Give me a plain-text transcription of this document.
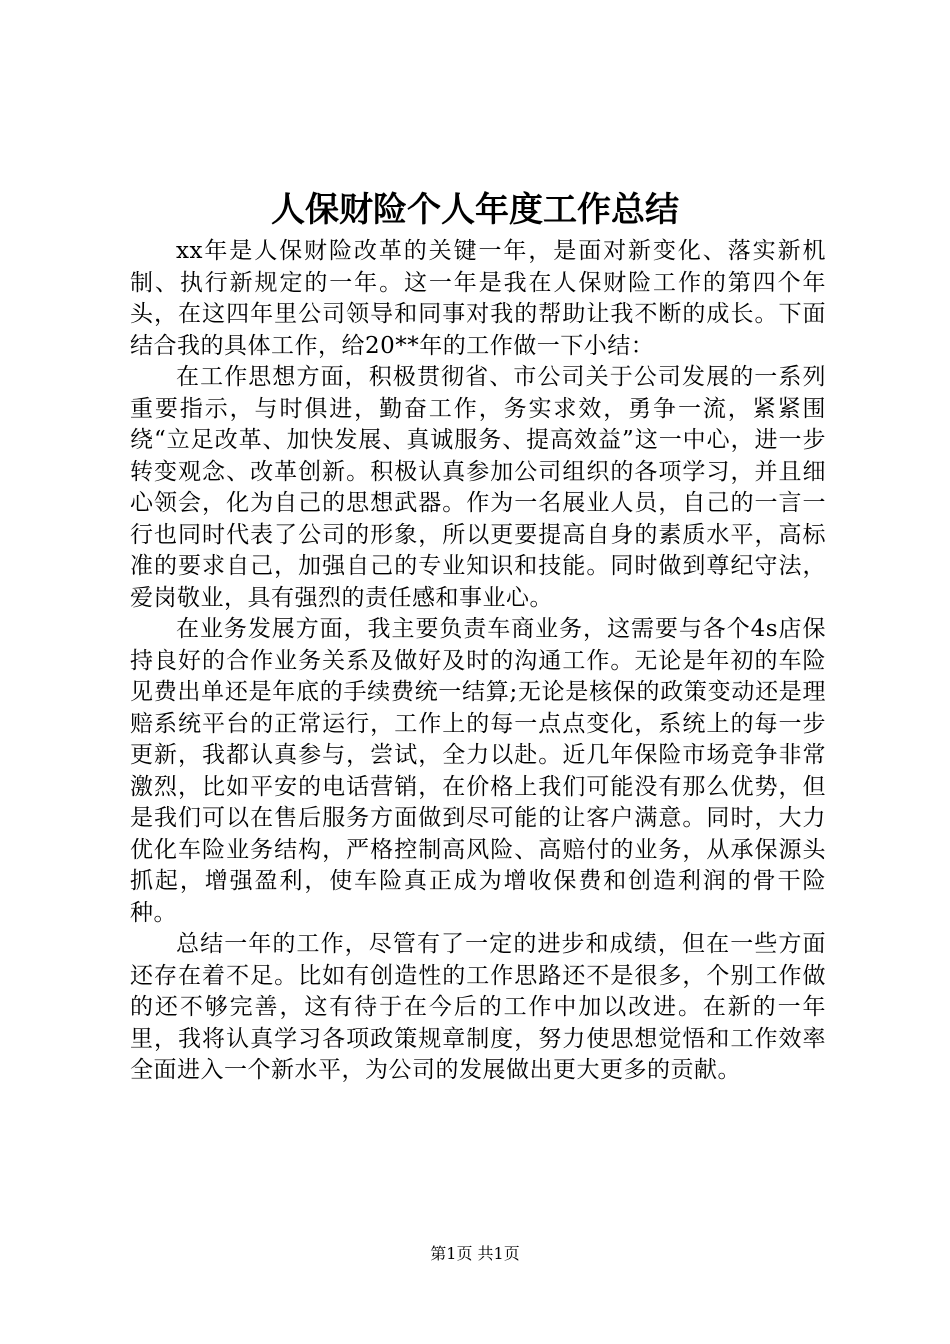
人保财险个人年度工作总结

xx年是人保财险改革的关键一年，是面对新变化、落实新机制、执行新规定的一年。这一年是我在人保财险工作的第四个年头，在这四年里公司领导和同事对我的帮助让我不断的成长。下面结合我的具体工作，给20**年的工作做一下小结：

在工作思想方面，积极贯彻省、市公司关于公司发展的一系列重要指示，与时俱进，勤奋工作，务实求效，勇争一流，紧紧围绕“立足改革、加快发展、真诚服务、提高效益”这一中心，进一步转变观念、改革创新。积极认真参加公司组织的各项学习，并且细心领会，化为自己的思想武器。作为一名展业人员，自己的一言一行也同时代表了公司的形象，所以更要提高自身的素质水平，高标准的要求自己，加强自己的专业知识和技能。同时做到尊纪守法，爱岗敬业，具有强烈的责任感和事业心。

在业务发展方面，我主要负责车商业务，这需要与各个4s店保持良好的合作业务关系及做好及时的沟通工作。无论是年初的车险见费出单还是年底的手续费统一结算;无论是核保的政策变动还是理赔系统平台的正常运行，工作上的每一点点变化，系统上的每一步更新，我都认真参与，尝试，全力以赴。近几年保险市场竞争非常激烈，比如平安的电话营销，在价格上我们可能没有那么优势，但是我们可以在售后服务方面做到尽可能的让客户满意。同时，大力优化车险业务结构，严格控制高风险、高赔付的业务，从承保源头抓起，增强盈利，使车险真正成为增收保费和创造利润的骨干险种。

总结一年的工作，尽管有了一定的进步和成绩，但在一些方面还存在着不足。比如有创造性的工作思路还不是很多，个别工作做的还不够完善，这有待于在今后的工作中加以改进。在新的一年里，我将认真学习各项政策规章制度，努力使思想觉悟和工作效率全面进入一个新水平，为公司的发展做出更大更多的贡献。

第1页 共1页
